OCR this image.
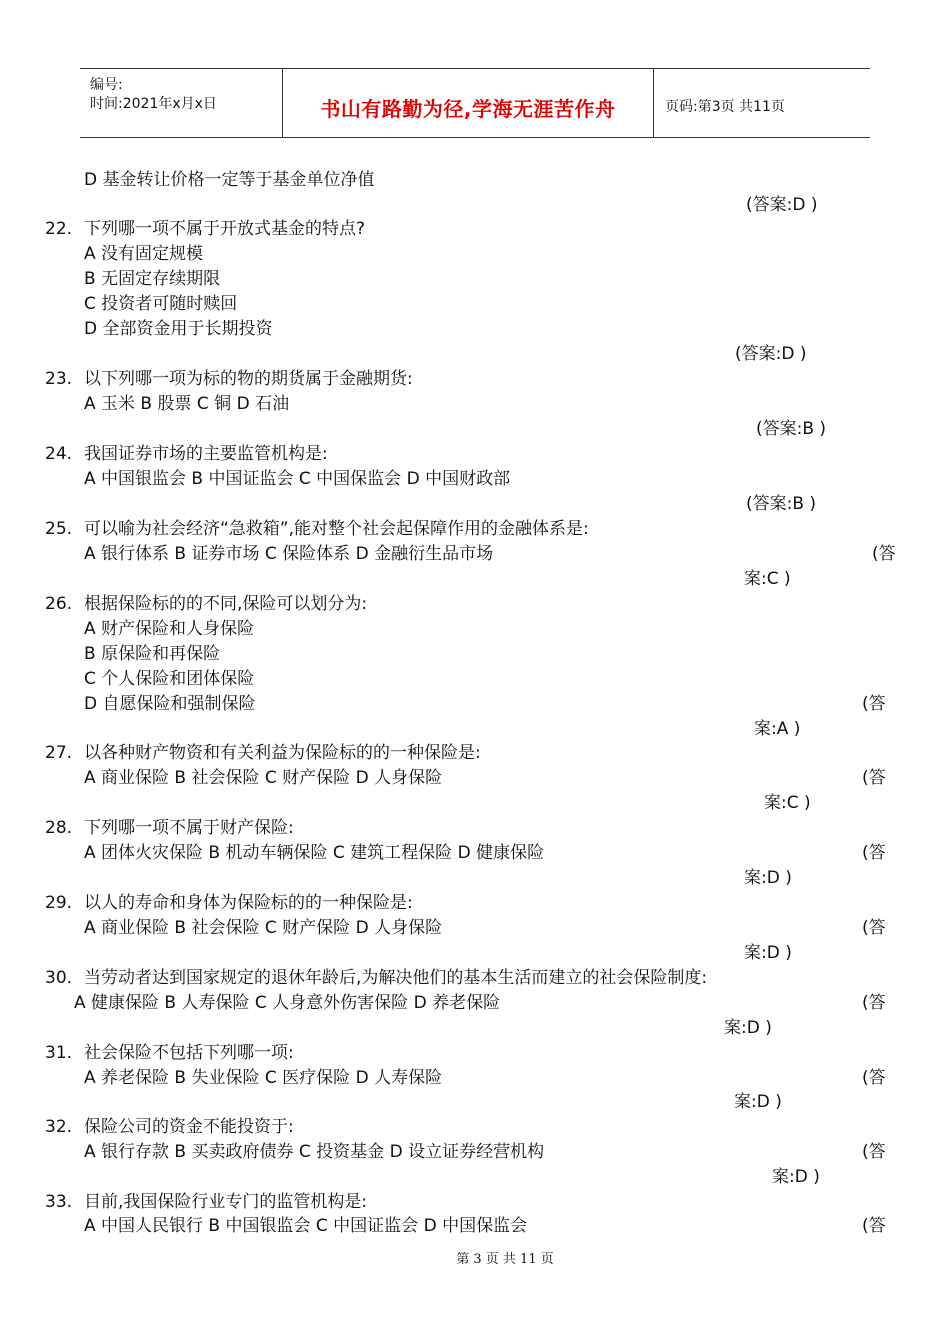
编号:
时间:2021年x月x日	书山有路勤为径,学海无涯苦作舟	页码:第3页 共11页
22.
23.
24.
25.
26.
27.
28.
29.
30.
31.
32.
33.
D 基金转让价格一定等于基金单位净值
(答案:D )
下列哪一项不属于开放式基金的特点?
A 没有固定规模
B 无固定存续期限
C 投资者可随时赎回
D 全部资金用于长期投资
(答案:D )
以下列哪一项为标的物的期货属于金融期货:
A 玉米 B 股票 C 铜 D 石油
(答案:B )
我国证券市场的主要监管机构是:
A 中国银监会 B 中国证监会 C 中国保监会 D 中国财政部
(答案:B )
可以喻为社会经济“急救箱”,能对整个社会起保障作用的金融体系是:
A 银行体系 B 证券市场 C 保险体系 D 金融衍生品市场	(答
案:C )
根据保险标的的不同,保险可以划分为:
A 财产保险和人身保险
B 原保险和再保险
C 个人保险和团体保险
D 自愿保险和强制保险	(答
案:A )
以各种财产物资和有关利益为保险标的的一种保险是:
A 商业保险 B 社会保险 C 财产保险 D 人身保险	(答
案:C )
下列哪一项不属于财产保险:
A 团体火灾保险 B 机动车辆保险 C 建筑工程保险 D 健康保险	(答
案:D )
以人的寿命和身体为保险标的的一种保险是:
A 商业保险 B 社会保险 C 财产保险 D 人身保险	(答
案:D )
当劳动者达到国家规定的退休年龄后,为解决他们的基本生活而建立的社会保险制度:
A 健康保险 B 人寿保险 C 人身意外伤害保险 D 养老保险	(答
案:D )
社会保险不包括下列哪一项:
A 养老保险 B 失业保险 C 医疗保险 D 人寿保险	(答
案:D )
保险公司的资金不能投资于:
A 银行存款 B 买卖政府债券 C 投资基金 D 设立证券经营机构	(答
案:D )
目前,我国保险行业专门的监管机构是:
A 中国人民银行 B 中国银监会 C 中国证监会 D 中国保监会	(答
第 3 页 共 11 页
